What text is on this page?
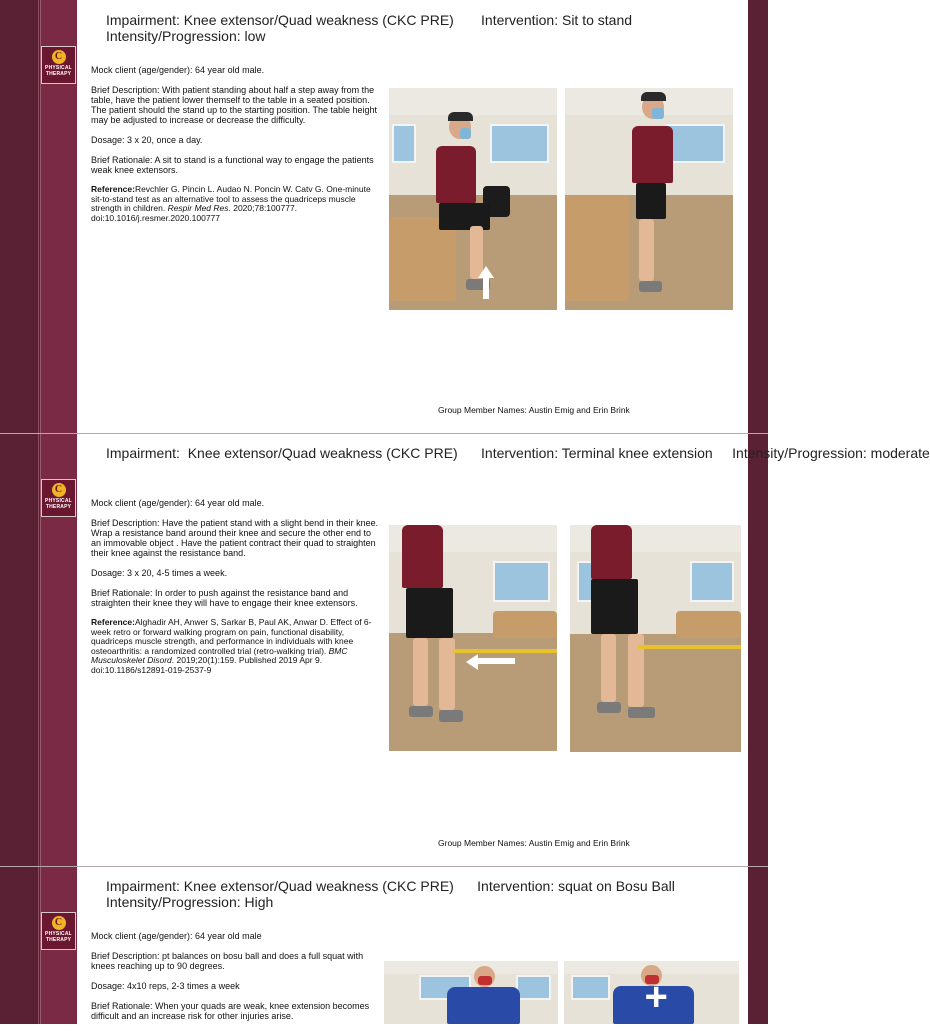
C
PHYSICAL THERAPY
C
PHYSICAL THERAPY
C
PHYSICAL THERAPY
Impairment: Knee extensor/Quad weakness (CKC PRE) Intervention: Sit to stand
Intensity/Progression: low

Mock client (age/gender): 64 year old male.

Brief Description: With patient standing about half a step away from the table, have the patient lower themself to the table in a seated position. The patient should the stand up to the starting position. The table height may be adjusted to increase or decrease the difficulty.

Dosage: 3 x 20, once a day.

Brief Rationale: A sit to stand is a functional way to engage the patients weak knee extensors.

Reference:Revchler G. Pincin L. Audao N. Poncin W. Catv G. One-minute sit-to-stand test as an alternative tool to assess the quadriceps muscle strength in children. Respir Med Res. 2020;78:100777. doi:10.1016/j.resmer.2020.100777

Group Member Names: Austin Emig and Erin Brink
Impairment:  Knee extensor/Quad weakness (CKC PRE) Intervention: Terminal knee extension Intensity/Progression: moderate

Mock client (age/gender): 64 year old male.

Brief Description: Have the patient stand with a slight bend in their knee. Wrap a resistance band around their knee and secure the other end to an immovable object . Have the patient contract their quad to straighten their knee against the resistance band.

Dosage: 3 x 20, 4-5 times a week.

Brief Rationale: In order to push against the resistance band and straighten their knee they will have to engage their knee extensors.

Reference:Alghadir AH, Anwer S, Sarkar B, Paul AK, Anwar D. Effect of 6-week retro or forward walking program on pain, functional disability, quadriceps muscle strength, and performance in individuals with knee osteoarthritis: a randomized controlled trial (retro-walking trial). BMC Musculoskelet Disord. 2019;20(1):159. Published 2019 Apr 9. doi:10.1186/s12891-019-2537-9

Group Member Names: Austin Emig and Erin Brink
Impairment: Knee extensor/Quad weakness (CKC PRE) Intervention: squat on Bosu Ball
Intensity/Progression: High

Mock client (age/gender): 64 year old male

Brief Description: pt balances on bosu ball and does a full squat with knees reaching up to 90 degrees.

Dosage: 4x10 reps, 2-3 times a week

Brief Rationale: When your quads are weak, knee extension becomes difficult and an increase risk for other injuries arise.	+
